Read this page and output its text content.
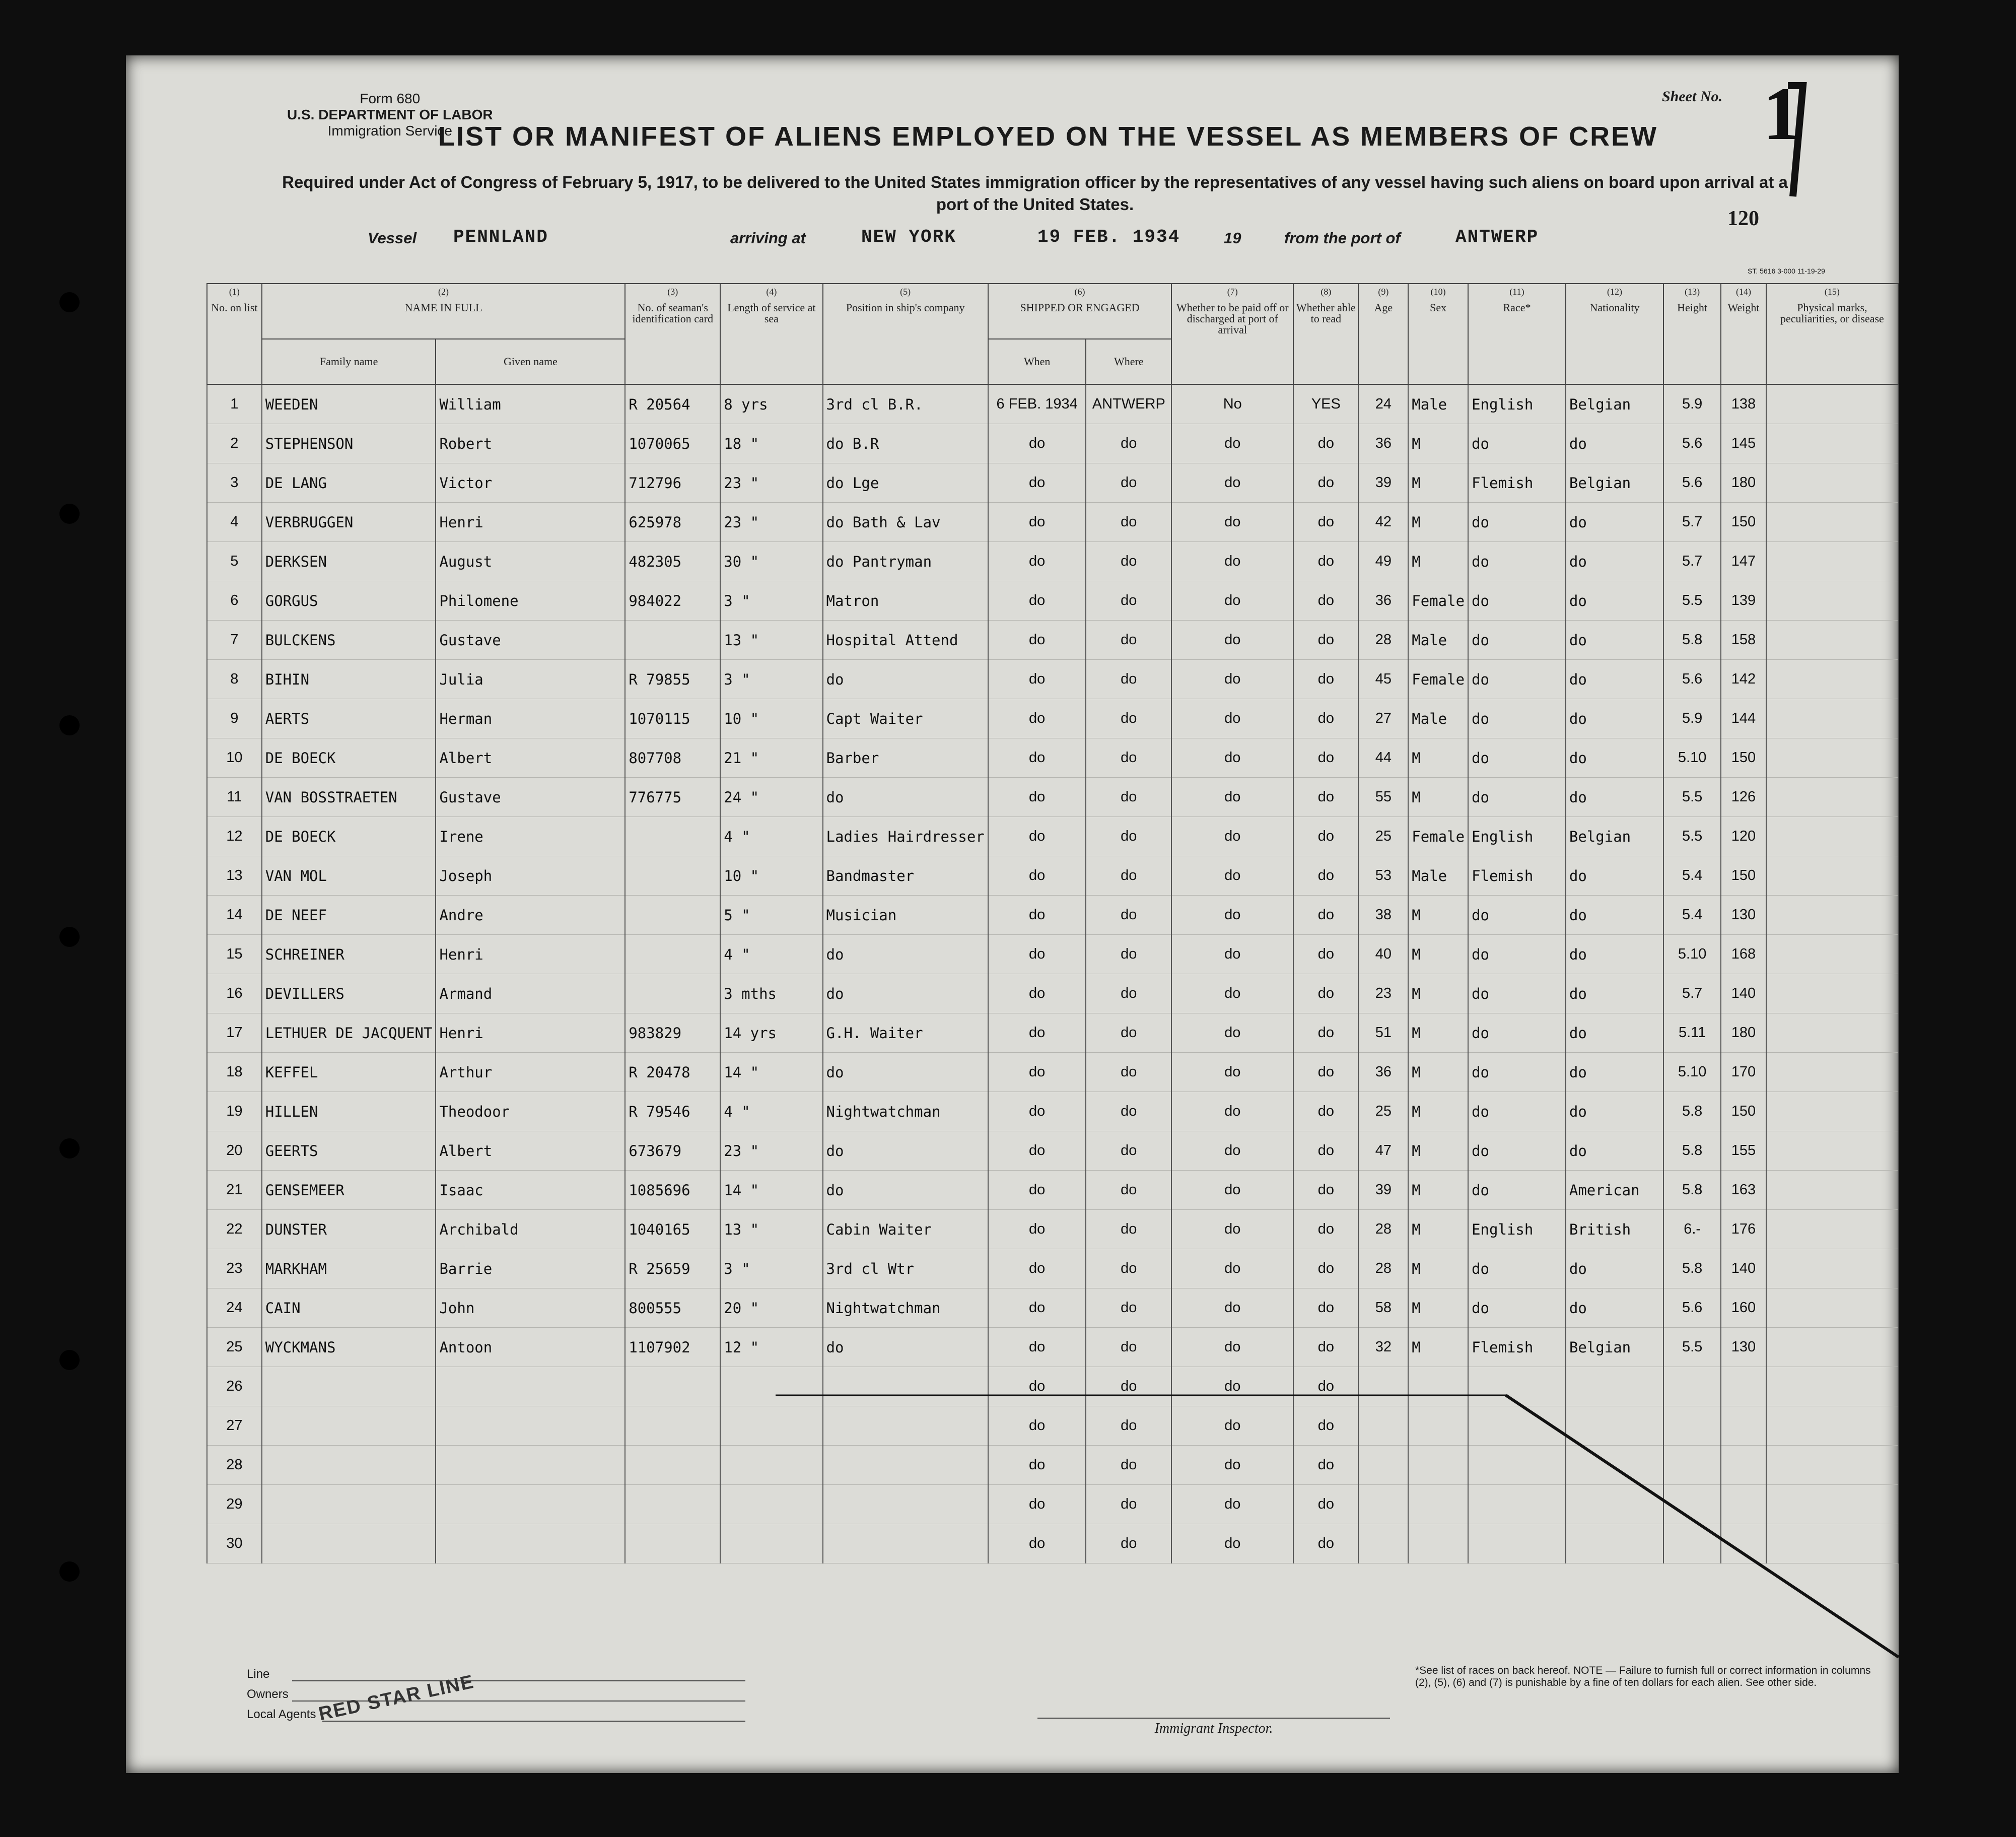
Form 680
U.S. DEPARTMENT OF LABOR
Immigration Service
Sheet No. 1
120
LIST OR MANIFEST OF ALIENS EMPLOYED ON THE VESSEL AS MEMBERS OF CREW
Required under Act of Congress of February 5, 1917, to be delivered to the United States immigration officer by the representatives of any vessel having such aliens on board upon arrival at a port of the United States.
Vessel PENNLAND	arriving at	NEW YORK	19 FEB. 1934	19	from the port of	ANTWERP
ST. 5616 3-000 11-19-29
(1)
No. on list	(2)
NAME IN FULL		(3)
No. of seaman's identification card	(4)
Length of service at sea	(5)
Position in ship's company	(6)
SHIPPED OR ENGAGED		(7)
Whether to be paid off or discharged at port of arrival	(8)
Whether able to read	(9)
Age	(10)
Sex	(11)
Race*	(12)
Nationality	(13)
Height	(14)
Weight	(15)
Physical marks, peculiarities, or disease
	Family name	Given name				When	Where									
1	WEEDEN	William	R 20564	8 yrs	3rd cl B.R.	6 FEB. 1934	ANTWERP	No	YES	24	Male	English	Belgian	5.9	138	
2	STEPHENSON	Robert	1070065	18 "	do B.R	do	do	do	do	36	M	do	do	5.6	145	
3	DE LANG	Victor	712796	23 "	do Lge	do	do	do	do	39	M	Flemish	Belgian	5.6	180	
4	VERBRUGGEN	Henri	625978	23 "	do Bath & Lav	do	do	do	do	42	M	do	do	5.7	150	
5	DERKSEN	August	482305	30 "	do Pantryman	do	do	do	do	49	M	do	do	5.7	147	
6	GORGUS	Philomene	984022	3 "	Matron	do	do	do	do	36	Female	do	do	5.5	139	
7	BULCKENS	Gustave		13 "	Hospital Attend	do	do	do	do	28	Male	do	do	5.8	158	
8	BIHIN	Julia	R 79855	3 "	do	do	do	do	do	45	Female	do	do	5.6	142	
9	AERTS	Herman	1070115	10 "	Capt Waiter	do	do	do	do	27	Male	do	do	5.9	144	
10	DE BOECK	Albert	807708	21 "	Barber	do	do	do	do	44	M	do	do	5.10	150	
11	VAN BOSSTRAETEN	Gustave	776775	24 "	do	do	do	do	do	55	M	do	do	5.5	126	
12	DE BOECK	Irene		4 "	Ladies Hairdresser	do	do	do	do	25	Female	English	Belgian	5.5	120	
13	VAN MOL	Joseph		10 "	Bandmaster	do	do	do	do	53	Male	Flemish	do	5.4	150	
14	DE NEEF	Andre		5 "	Musician	do	do	do	do	38	M	do	do	5.4	130	
15	SCHREINER	Henri		4 "	do	do	do	do	do	40	M	do	do	5.10	168	
16	DEVILLERS	Armand		3 mths	do	do	do	do	do	23	M	do	do	5.7	140	
17	LETHUER DE JACQUENT	Henri	983829	14 yrs	G.H. Waiter	do	do	do	do	51	M	do	do	5.11	180	
18	KEFFEL	Arthur	R 20478	14 "	do	do	do	do	do	36	M	do	do	5.10	170	
19	HILLEN	Theodoor	R 79546	4 "	Nightwatchman	do	do	do	do	25	M	do	do	5.8	150	
20	GEERTS	Albert	673679	23 "	do	do	do	do	do	47	M	do	do	5.8	155	
21	GENSEMEER	Isaac	1085696	14 "	do	do	do	do	do	39	M	do	American	5.8	163	
22	DUNSTER	Archibald	1040165	13 "	Cabin Waiter	do	do	do	do	28	M	English	British	6.-	176	
23	MARKHAM	Barrie	R 25659	3 "	3rd cl Wtr	do	do	do	do	28	M	do	do	5.8	140	
24	CAIN	John	800555	20 "	Nightwatchman	do	do	do	do	58	M	do	do	5.6	160	
25	WYCKMANS	Antoon	1107902	12 "	do	do	do	do	do	32	M	Flemish	Belgian	5.5	130	
26						do	do	do	do							
27						do	do	do	do							
28						do	do	do	do							
29						do	do	do	do							
30						do	do	do	do							
Line
Owners
Local Agents RED STAR LINE
Immigrant Inspector.
*See list of races on back hereof. NOTE — Failure to furnish full or correct information in columns (2), (5), (6) and (7) is punishable by a fine of ten dollars for each alien. See other side.
